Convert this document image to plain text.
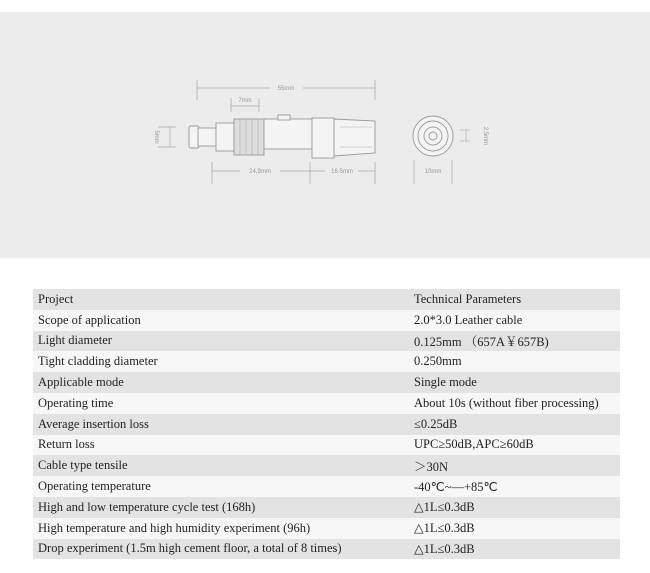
55mm
7mm
5mm
24.9mm	16.5mm	10mm
2.5mm
Project	Technical Parameters
Scope of application	2.0*3.0 Leather cable
Light diameter	0.125mm （657A￥657B)
Tight cladding diameter	0.250mm
Applicable mode	Single mode
Operating time	About 10s (without fiber processing)
Average insertion loss	≤0.25dB
Return loss	UPC≥50dB,APC≥60dB
Cable type tensile	＞30N
Operating temperature	-40℃~—+85℃
High and low temperature cycle test (168h)	△1L≤0.3dB
High temperature and high humidity experiment (96h)	△1L≤0.3dB
Drop experiment (1.5m high cement floor, a total of 8 times)	△1L≤0.3dB
